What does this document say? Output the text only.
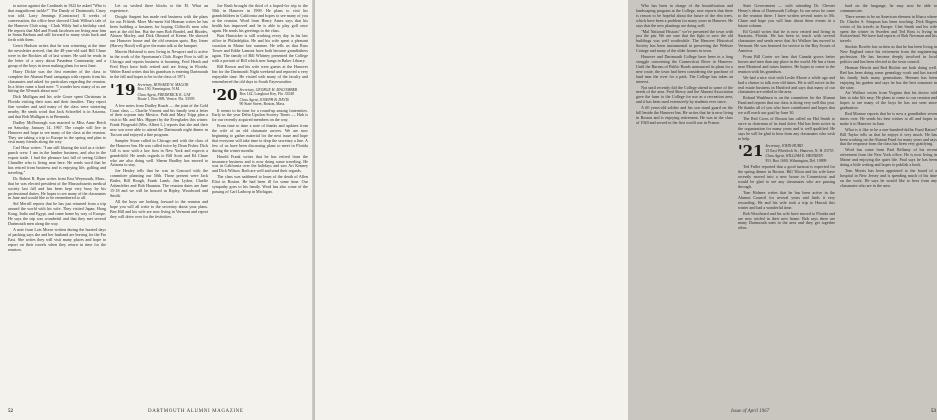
to notice against the Cardinals in 1922 he asked "Who is that magnificent tackle?" The Dandy of Dartmouth, Casey was told. Larry Jennings (Contractor) X weeks of conversation, the office here showed Clark Wilbur's tale of the Hanover Club wing - Clark Wildy had a birthday card. He reports that Mel and Frank Jacobsen are living near him in Santa Barbara and still forward to many visits back and forth with them.

Gerrit Hudson writes that he was wintering at the time the newsletter arrived, that the 48-year-old said Bill Chase were in the Rockies all of last winter. He said he reads in the letter of a story about Pasadena Community and a group of the boys in town making plans for next June.

Harry Dickie was the first member of the class to complete the Alumni Fund campaign with reports from his classmates and asked for particulars regarding the reunion. In a letter came a hard note: "I wonder how many of us are hitting the 50-mark about now."

Dick Mulligan and his wife Grace spent Christmas in Florida visiting their sons and their families. They report fine weather and said many of the class were wintering nearby. He sends word that Jack Schoeffel is in Arizona, and that Bob Mulligan is in Bermuda.

Dudley McDonough was married to Miss Anne Reich on Saturday, January 14, 1967. The couple will live in Hanover and hope to see many of the class at the reunion. They are taking a trip to Europe in the spring and plan to visit many friends along the way.

Carl Hoar writes: "I am still blazing the trail as a ticket-punch crew. I am in the lumber business, and also in the export trade. I had the pleasure last fall of seeing Gilbert Chandler who is living near here. He sends word that he has retired from business and is enjoying life, golfing and traveling."

Dr. Robert R. Ryan writes from East Weymouth, Mass., that he was elected president of the Massachusetts medical society last fall and has been kept very busy by his professional duties. He hopes to see many of the classmates in June and would like to be remembered to all.

Sid Merrill reports that he has just returned from a trip around the world with his wife. They visited Japan, Hong Kong, India and Egypt, and came home by way of Europe. He says the trip was wonderful and that they met several Dartmouth men along the way.

A note from Lois Morse written during the hurried days of packing says she and her husband are leaving for the Far East. She writes they will visit many places and hope to report on their travels when they return in time for the reunion.

Let us wished three blocks to the El. What an experience.

Dwight Sargent has made real business with the plans for our Fiftieth. More Mo-ment Sid Hinman writes he has been building a business for hoping Clifford's men who met at the old Inn. But the men Bob Bondel, and Rhodes, Alonzo Morley, and Dick Olmsted of Keene. He showed our Hanover house and the old reunion spots. Ray Jones (Harvey Hood) will give the main talk at the banquet.

Marvin Holstead is now living in Newport and is active in the work of the Sportsman's Club. Roger Poor is still in Chicago and reports business is booming. Fred Heath and Fred Hoyt have both retired and are living in Florida. Walter Rand writes that his grandson is entering Dartmouth in the fall and hopes to be in the class of 1971.

'19 Secretary, HOWARD W. MAGOR
Box 150, Farmington, N.M.
Class Agent, FREDERICK K. GAY
Route 1, Box 698, Venice, Fla. 33595

A few notes from Dudley Roach — the joint of the Gold Coast class — Charlie Vincent and his family sent a letter of their sojourn into Mexico. Path and Mary Tripp plan a visit to Mr. and Mrs. Hippert by the Everglades this winter. Frank Fitzgerald (Mrs. Albert L.) reports that she and their new son were able to attend the Dartmouth night dinner in Tucson and enjoyed a fine program.

Sampler Stone called in Chicago and with the class of the Hanover Inn. He was called twice by Dean Fisher. Dick Gill is now with a law firm in New York and expects a grandchild. He sends regards to Bill Scott and Ed Chase who are also doing well. Sherm Bradley has moved to Arizona to stay.

Joe Healey tells that he was in Concord with the committee planning our 50th. Those present were Jack Butler, Bill Hough, Frank Lamb, Jim Lydon, Charlie Ashenfelter and Bob Haunton. The reunion dates are June 15-18 and we will be housed in Ripley, Woodward and Smith.

All the boys are looking forward to the reunion and hope you will all write to the secretary about your plans. Ben Hill and his wife are now living in Vermont and report they will drive over for the festivities.

Joe Bush brought the third of a hoped-for trip to the 50th in Hanover in 1969. He plans to visit his grandchildren in California and hopes to see many of you at the reunion. Word from Henry Ames says that his health has improved and he is able to play golf once again. He sends his greetings to the class.

Burt Hunsicker is still working every day in his law office in Philadelphia. He and his wife spent a pleasant vacation in Maine last summer. He tells us that Russ Tower and Eddie Lamont have both become grandfathers again. The family of Bill Whitney presented the College with a portrait of Bill which now hangs in Baker Library.

Bill Brown and his wife were guests at the Hanover Inn for the Dartmouth Night weekend and reported a very enjoyable time. He visited with many of the faculty and remembered the old days in South Fayerweather.

'20 Secretary, GEORGE H. MACOMBER
Box 142, Longboat Key, Fla. 33548
Class Agent, JOSEPH B. DAVIS
90 State Street, Boston, Mass.

It seems to be time for a round-up among fraternities. Early in the year Delta Upsilon Society Times — Hub is for our recently acquired members on the way.

From time to time a note of thanks and updates from the wife of an old classmate arrives. We are now beginning to gather material for the next issue and hope that everyone will take time to drop the secretary a line. A few of us have been discussing plans to meet in Florida during the winter months.

Harold Frank writes that he has retired from the insurance business and is now doing some traveling. He was in California over the holidays and saw Art Kenney and Dick Wilson. Both are well and send their regards.

The class was saddened to learn of the death of Allen Eliot in Boston. He had been ill for some time. Our sympathy goes to his family. Word has also come of the passing of Carl Lathrop in Michigan.

52	DARTMOUTH ALUMNI MAGAZINE

Who has been in charge of the beautification and landscaping program at the College, now reports that there is reason to be hopeful about the future of the elm trees, which have been a problem for many years in Hanover. He says that the new plantings are doing well.

"Mal National Historic" we've presented the town with just the pin. We are sure that the fight to save the old buildings was well worthwhile. The Hanover Historical Society has been instrumental in preserving the Webster Cottage and many of the older houses in town.

Hanover and Dartmouth College have been in a long struggle concerning the Connecticut River in Hanover. Until the Bureau of Public Roads announced its plans for a new route, the town had been considering the purchase of land near the river for a park. The College has taken an interest.

Not until recently did the College attend to some of the needs of the area. Fred Sherry and the Alumni Association gave the farm to the College for use as a recreation area, and it has been used extensively by students ever since.

A 60 years-old soldier and his son stand guard on the hill beside the Hanover Inn. He writes that he is now living in Boston and is enjoying retirement. He was in the class of 1920 and served in the first world war in France.

State Government — with attending Dr. Chester Henry's ideas of Dartmouth College. In our news he came to the reunion there. I have written several notes to Mr. Chase and hope you will hear about these events in a future column.

Ed Gould writes that he is now retired and living in Sarasota, Florida. He has been in touch with several classmates and sends news that Art Wallace has moved to Vermont. He was honored for service to the Boy Scouts of America.

From Bill Carter we hear that Canada grows better horses and men than any place in the world. He has a farm near Montreal and raises hunters. He hopes to come to the reunion with his grandson.

We had a nice visit with Leslie Moore a while ago and had a chance to talk over old times. He is still active in the real estate business in Hartford and says that many of our classmates are settled in the area.

Roland Washburn is on the committee for the Alumni Fund and reports that our class is doing very well this year. He thanks all of you who have contributed and hopes that we will reach our goal by June 30.

The Red Cross of Boston has called on Hal Smith to serve as chairman of its fund drive. Hal has been active in the organization for many years and is well qualified. He says he will be glad to hear from any classmates who wish to help.

'21 Secretary, JOHN HURD
15 East Wheelock St., Hanover, N. H. 03755
Class Agent, WILLIAM E. HENNION
P.O. Box 1600, Wilmington, Del. 19899

Ted Fuller reported that a good turnout is expected for the spring dinner in Boston. Bill Tilton and his wife have recently moved into a new house in Connecticut and would be glad to see any classmates who are passing through.

Tom Holmes writes that he has been active in the Alumni Council for several years and finds it very rewarding. He and his wife took a trip to Hawaii this winter and had a wonderful time.

Bob Woodward and his wife have moved to Florida and are now settled in their new home. Bob says there are many Dartmouth men in the area and they get together often.

hard on the language, he may now be able to communicate.

There seems to be an American element in Ithaca where Dr. Charles S. Simpson has been teaching. Dick Rogers writes of his travels in Europe. Chet Smith and his wife spent the winter in Sweden and Ted Ross is living in Switzerland. We have had reports of Bob Newman and his travels.

Sinclair Bowler has written us that he has been living in New England since his retirement from the engineering profession. He has become deeply involved in local politics and has been elected to the town council.

Herman Hewitt and Red Ritchie are both doing well. Red has been doing some genealogy work and has traced his family back many generations. Herman has been enjoying his garden and says he has the best tomatoes in the state.

Art Wallace writes from Virginia that his doctor told him to take life easy. He plans to come to our reunion and hopes to see many of the boys he has not seen since graduation.

Rod Monroe reports that he is now a grandfather seven times over. He sends his best wishes to all and hopes to make it to Hanover in June.

What is it like to be a one-hundred-dollar Fund Raiser? Bill Taylor tells us that he enjoys it very much. He has been working on the Alumni Fund for many years and says that the response from the class has been very gratifying.

Word has come from Paul Bellamy of his recent retirement from the New York office. He is now living in Maine and enjoying the quiet life. Paul says he has been doing a little writing and hopes to publish a book.

Tom Morris has been appointed to the board of a hospital in New Jersey and is spending much of his time on the work. He says he would like to hear from any classmates who are in the area.

Issue of April 1967	53
